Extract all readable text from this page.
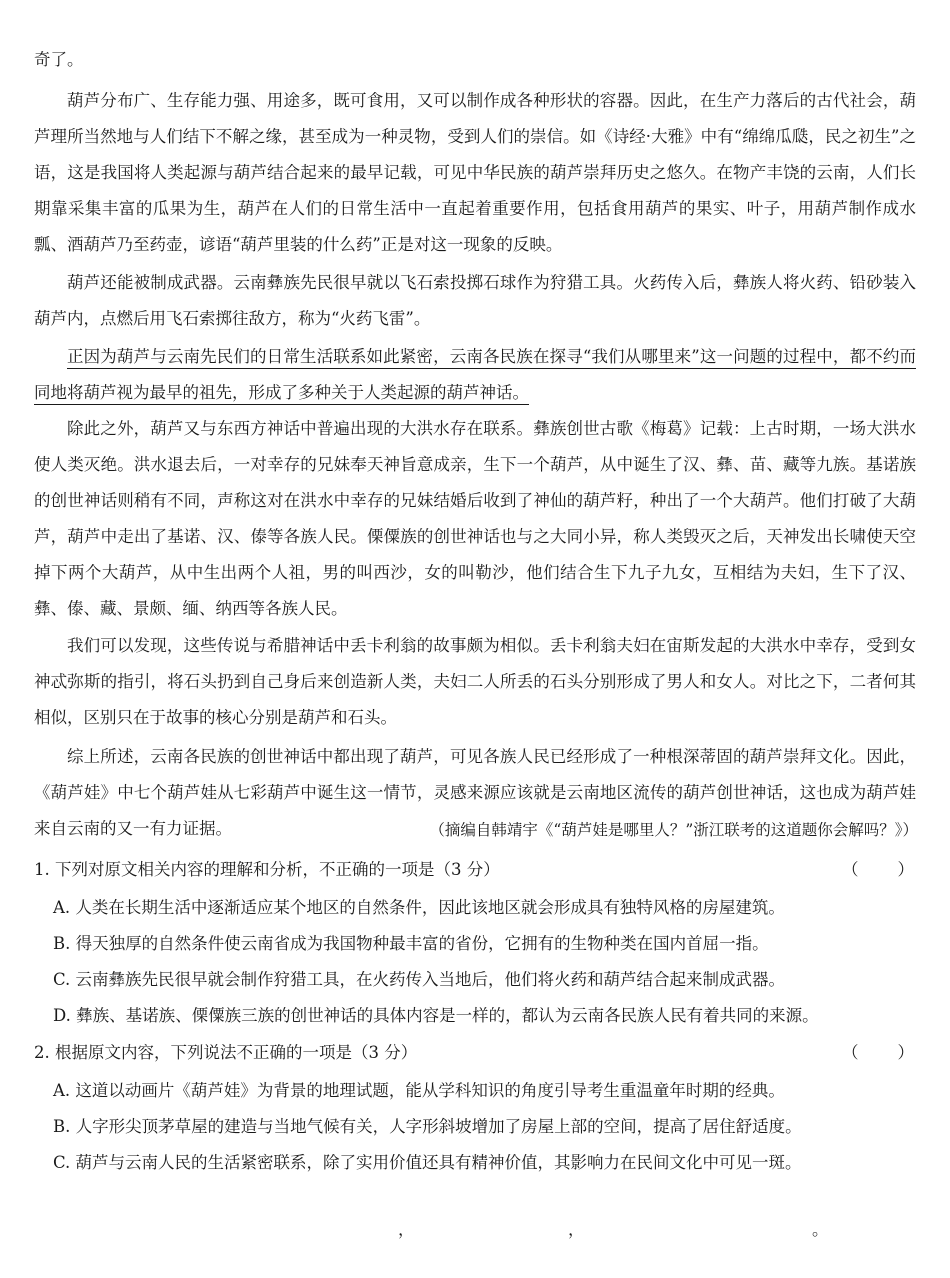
奇了。

葫芦分布广、生存能力强、用途多，既可食用，又可以制作成各种形状的容器。因此，在生产力落后的古代社会，葫芦理所当然地与人们结下不解之缘，甚至成为一种灵物，受到人们的崇信。如《诗经·大雅》中有“绵绵瓜瓞，民之初生”之语，这是我国将人类起源与葫芦结合起来的最早记载，可见中华民族的葫芦崇拜历史之悠久。在物产丰饶的云南，人们长期靠采集丰富的瓜果为生，葫芦在人们的日常生活中一直起着重要作用，包括食用葫芦的果实、叶子，用葫芦制作成水瓢、酒葫芦乃至药壶，谚语“葫芦里装的什么药”正是对这一现象的反映。

葫芦还能被制成武器。云南彝族先民很早就以飞石索投掷石球作为狩猎工具。火药传入后，彝族人将火药、铅砂装入葫芦内，点燃后用飞石索掷往敌方，称为“火药飞雷”。

正因为葫芦与云南先民们的日常生活联系如此紧密，云南各民族在探寻“我们从哪里来”这一问题的过程中，都不约而同地将葫芦视为最早的祖先，形成了多种关于人类起源的葫芦神话。

除此之外，葫芦又与东西方神话中普遍出现的大洪水存在联系。彝族创世古歌《梅葛》记载：上古时期，一场大洪水使人类灭绝。洪水退去后，一对幸存的兄妹奉天神旨意成亲，生下一个葫芦，从中诞生了汉、彝、苗、藏等九族。基诺族的创世神话则稍有不同，声称这对在洪水中幸存的兄妹结婚后收到了神仙的葫芦籽，种出了一个大葫芦。他们打破了大葫芦，葫芦中走出了基诺、汉、傣等各族人民。傈僳族的创世神话也与之大同小异，称人类毁灭之后，天神发出长啸使天空掉下两个大葫芦，从中生出两个人祖，男的叫西沙，女的叫勒沙，他们结合生下九子九女，互相结为夫妇，生下了汉、彝、傣、藏、景颇、缅、纳西等各族人民。

我们可以发现，这些传说与希腊神话中丢卡利翁的故事颇为相似。丢卡利翁夫妇在宙斯发起的大洪水中幸存，受到女神忒弥斯的指引，将石头扔到自己身后来创造新人类，夫妇二人所丢的石头分别形成了男人和女人。对比之下，二者何其相似，区别只在于故事的核心分别是葫芦和石头。

综上所述，云南各民族的创世神话中都出现了葫芦，可见各族人民已经形成了一种根深蒂固的葫芦崇拜文化。因此，《葫芦娃》中七个葫芦娃从七彩葫芦中诞生这一情节，灵感来源应该就是云南地区流传的葫芦创世神话，这也成为葫芦娃来自云南的又一有力证据。	（摘编自韩靖宇《“葫芦娃是哪里人？”浙江联考的这道题你会解吗？》）
1. 下列对原文相关内容的理解和分析，不正确的一项是（3 分）	（　　）
A. 人类在长期生活中逐渐适应某个地区的自然条件，因此该地区就会形成具有独特风格的房屋建筑。
B. 得天独厚的自然条件使云南省成为我国物种最丰富的省份，它拥有的生物种类在国内首屈一指。
C. 云南彝族先民很早就会制作狩猎工具，在火药传入当地后，他们将火药和葫芦结合起来制成武器。
D. 彝族、基诺族、傈僳族三族的创世神话的具体内容是一样的，都认为云南各民族人民有着共同的来源。
2. 根据原文内容，下列说法不正确的一项是（3 分）	（　　）
A. 这道以动画片《葫芦娃》为背景的地理试题，能从学科知识的角度引导考生重温童年时期的经典。
B. 人字形尖顶茅草屋的建造与当地气候有关，人字形斜坡增加了房屋上部的空间，提高了居住舒适度。
C. 葫芦与云南人民的生活紧密联系，除了实用价值还具有精神价值，其影响力在民间文化中可见一斑。
，	，	。
